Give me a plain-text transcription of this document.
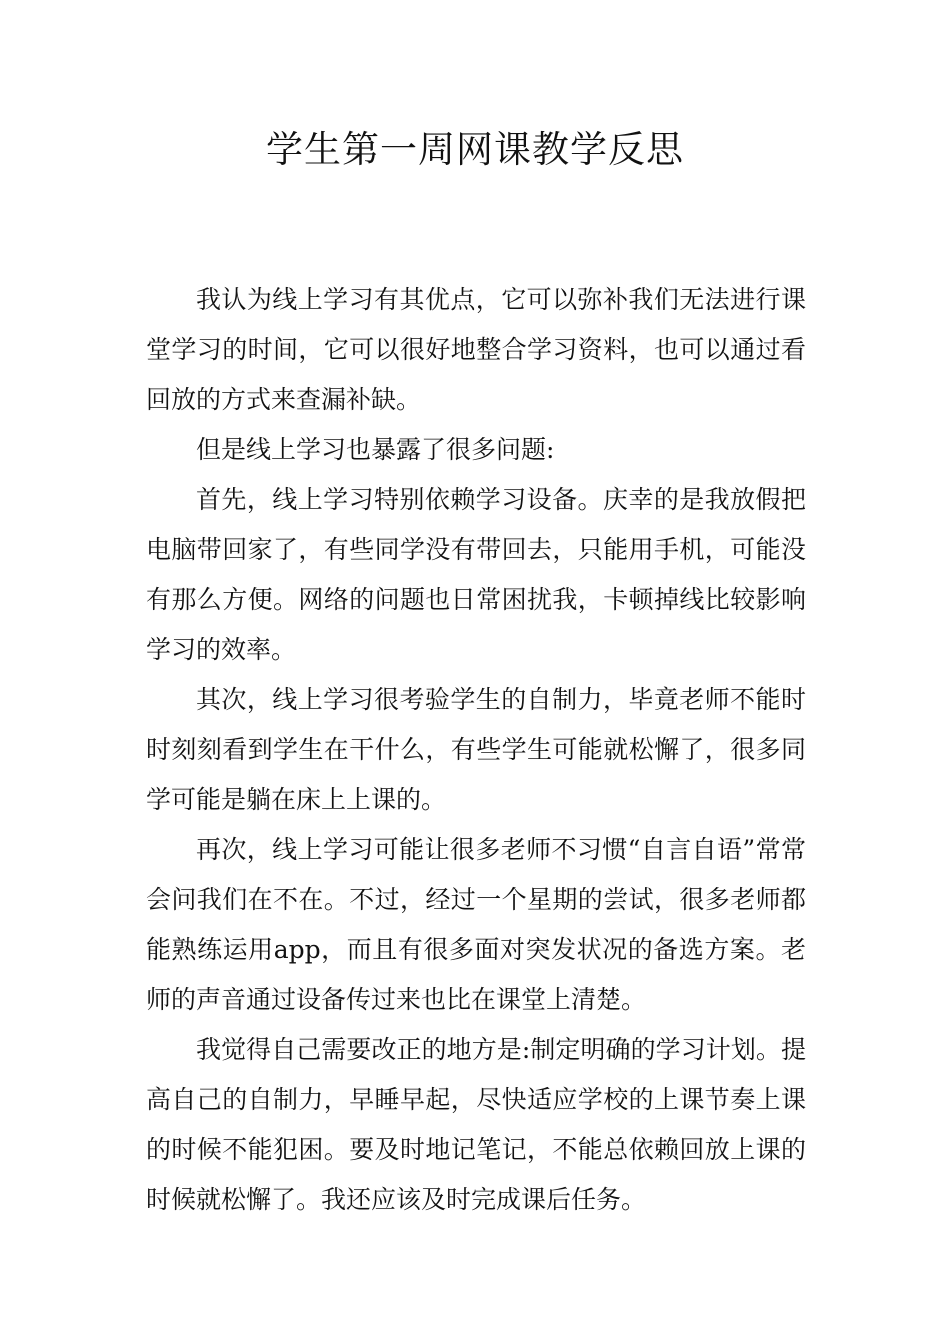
学生第一周网课教学反思

我认为线上学习有其优点，它可以弥补我们无法进行课堂学习的时间，它可以很好地整合学习资料，也可以通过看回放的方式来查漏补缺。

但是线上学习也暴露了很多问题:

首先，线上学习特别依赖学习设备。庆幸的是我放假把电脑带回家了，有些同学没有带回去，只能用手机，可能没有那么方便。网络的问题也日常困扰我，卡顿掉线比较影响学习的效率。

其次，线上学习很考验学生的自制力，毕竟老师不能时时刻刻看到学生在干什么，有些学生可能就松懈了，很多同学可能是躺在床上上课的。

再次，线上学习可能让很多老师不习惯“自言自语”常常会问我们在不在。不过，经过一个星期的尝试，很多老师都能熟练运用app，而且有很多面对突发状况的备选方案。老师的声音通过设备传过来也比在课堂上清楚。

我觉得自己需要改正的地方是:制定明确的学习计划。提高自己的自制力，早睡早起，尽快适应学校的上课节奏上课的时候不能犯困。要及时地记笔记，不能总依赖回放上课的时候就松懈了。我还应该及时完成课后任务。
